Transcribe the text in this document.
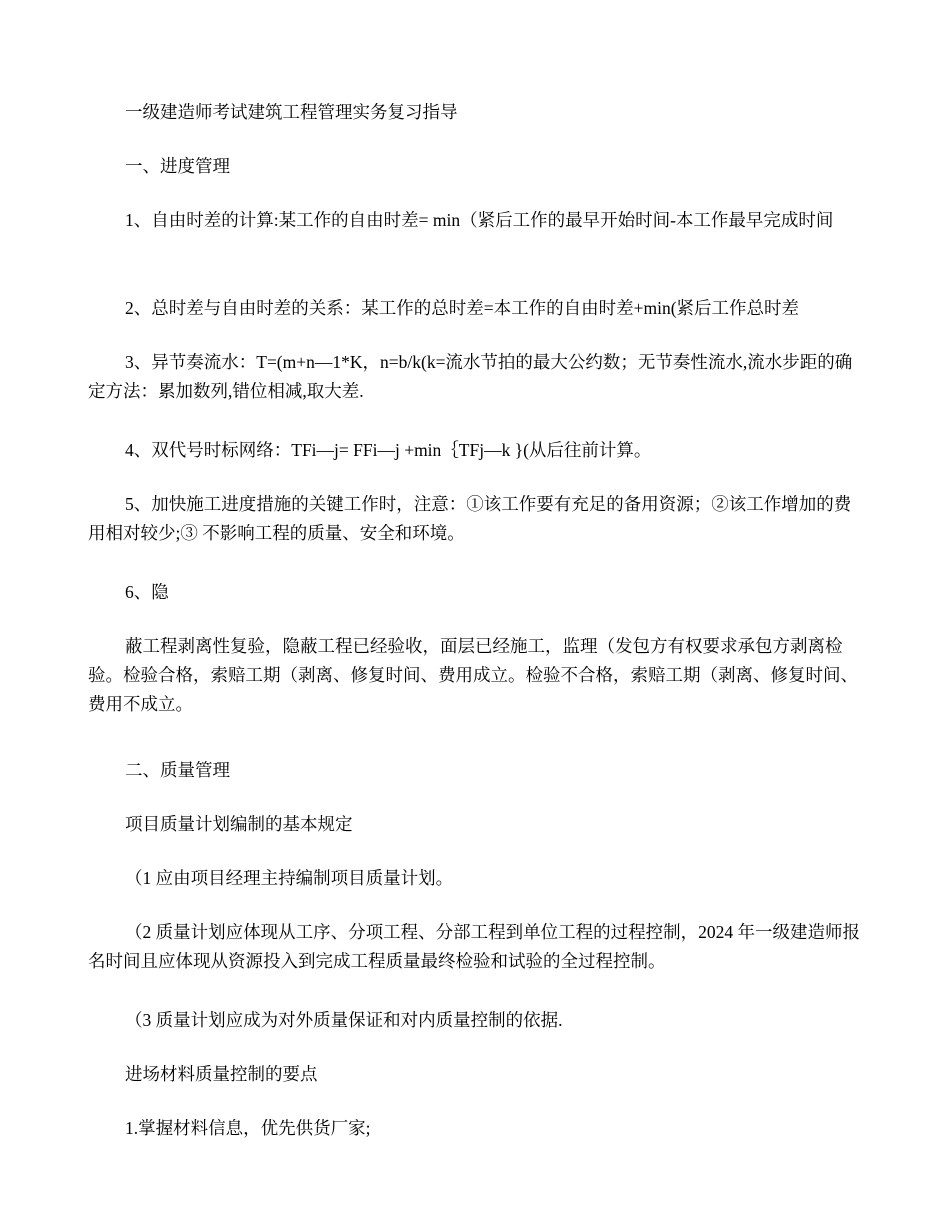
一级建造师考试建筑工程管理实务复习指导

一、进度管理

1、自由时差的计算:某工作的自由时差= min（紧后工作的最早开始时间-本工作最早完成时间

2、总时差与自由时差的关系：某工作的总时差=本工作的自由时差+min(紧后工作总时差

3、异节奏流水：T=(m+n—1*K，n=b/k(k=流水节拍的最大公约数；无节奏性流水,流水步距的确定方法：累加数列,错位相减,取大差.

4、双代号时标网络：TFi—j= FFi—j +min｛TFj—k }(从后往前计算。

5、加快施工进度措施的关键工作时，注意：①该工作要有充足的备用资源；②该工作增加的费用相对较少;③ 不影响工程的质量、安全和环境。

6、隐

蔽工程剥离性复验，隐蔽工程已经验收，面层已经施工，监理（发包方有权要求承包方剥离检验。检验合格，索赔工期（剥离、修复时间、费用成立。检验不合格，索赔工期（剥离、修复时间、费用不成立。

二、质量管理

项目质量计划编制的基本规定

（1 应由项目经理主持编制项目质量计划。

（2 质量计划应体现从工序、分项工程、分部工程到单位工程的过程控制，2024 年一级建造师报名时间且应体现从资源投入到完成工程质量最终检验和试验的全过程控制。

（3 质量计划应成为对外质量保证和对内质量控制的依据.

进场材料质量控制的要点

1.掌握材料信息，优先供货厂家;
